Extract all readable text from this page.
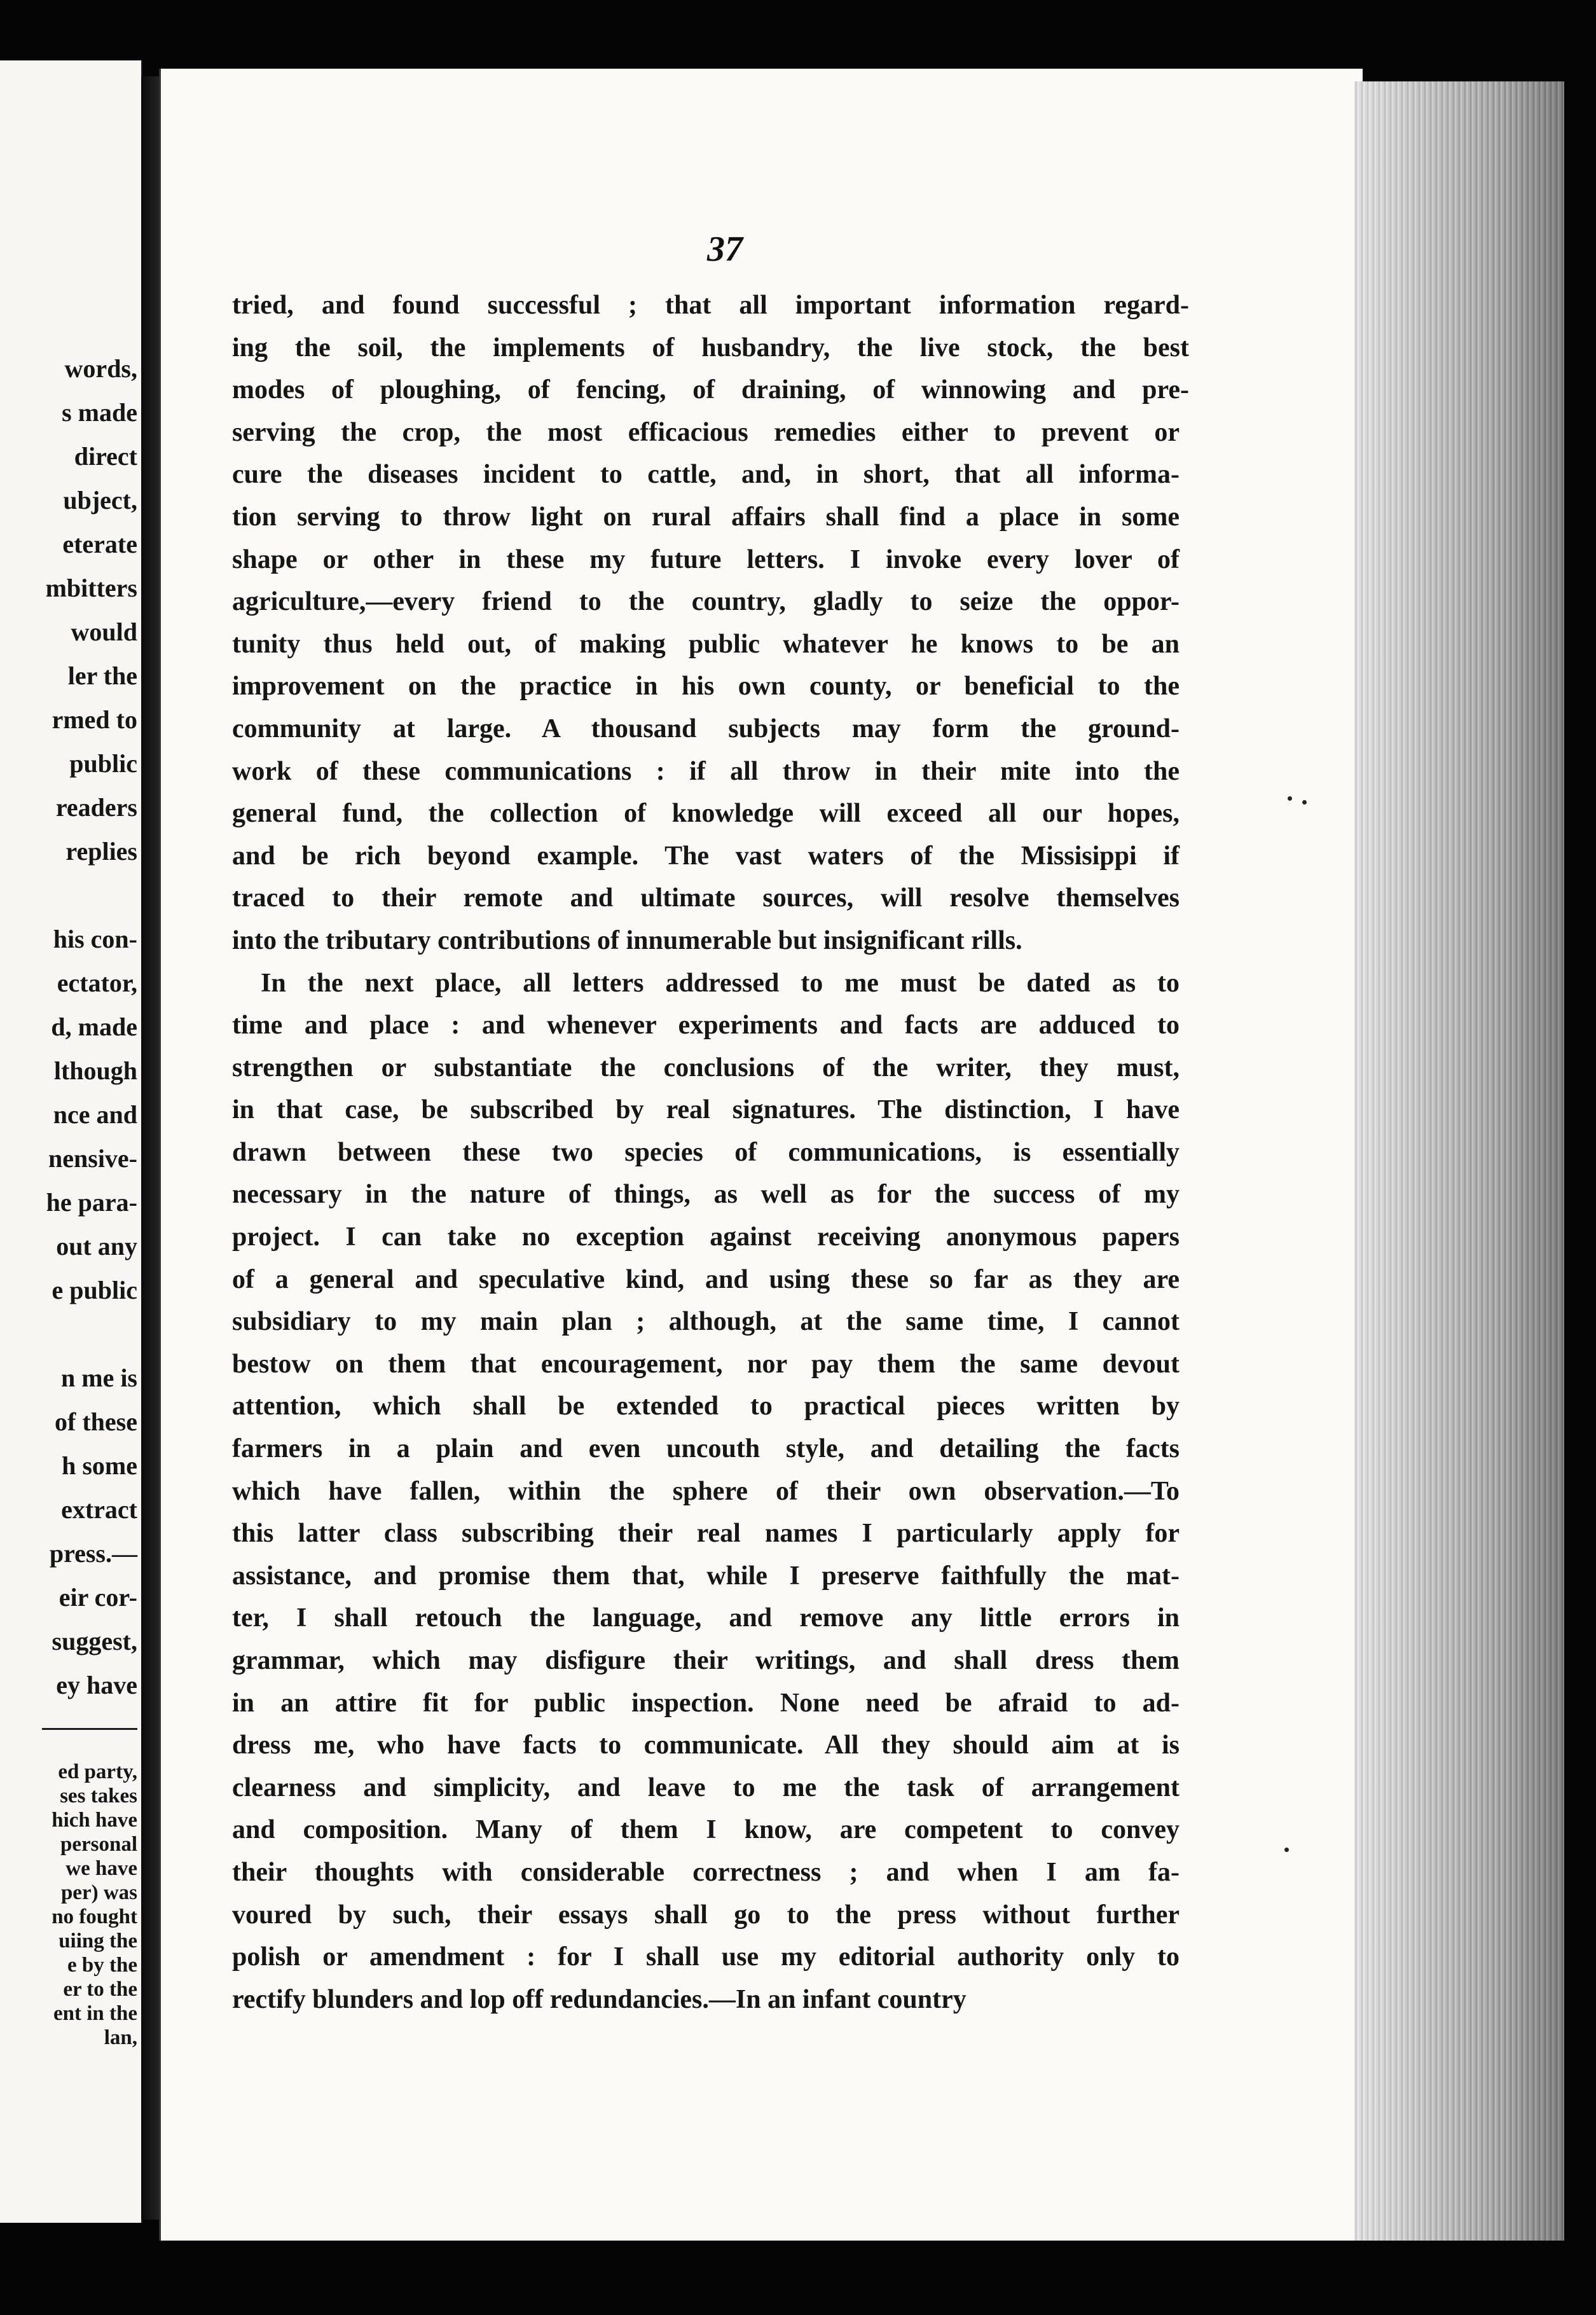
words,
s made
direct
ubject,
eterate
mbitters
would
ler the
rmed to
public
readers
replies
his con-
ectator,
d, made
lthough
nce and
nensive-
he para-
out any
e public
n me is
of these
h some
extract
press.—
eir cor-
suggest,
ey have
ed party,
ses takes
hich have
personal
we have
per) was
no fought
uiing the
e by the
er to the
ent in the
lan,
37
tried, and found successful ; that all important information regard-
ing the soil, the implements of husbandry, the live stock, the best
modes of ploughing, of fencing, of draining, of winnowing and pre-
serving the crop, the most efficacious remedies either to prevent or
cure the diseases incident to cattle, and, in short, that all informa-
tion serving to throw light on rural affairs shall find a place in some
shape or other in these my future letters. I invoke every lover of
agriculture,—every friend to the country, gladly to seize the oppor-
tunity thus held out, of making public whatever he knows to be an
improvement on the practice in his own county, or beneficial to the
community at large. A thousand subjects may form the ground-
work of these communications : if all throw in their mite into the
general fund, the collection of knowledge will exceed all our hopes,
and be rich beyond example. The vast waters of the Missisippi if
traced to their remote and ultimate sources, will resolve themselves
into the tributary contributions of innumerable but insignificant rills.
In the next place, all letters addressed to me must be dated as to
time and place : and whenever experiments and facts are adduced to
strengthen or substantiate the conclusions of the writer, they must,
in that case, be subscribed by real signatures. The distinction, I have
drawn between these two species of communications, is essentially
necessary in the nature of things, as well as for the success of my
project. I can take no exception against receiving anonymous papers
of a general and speculative kind, and using these so far as they are
subsidiary to my main plan ; although, at the same time, I cannot
bestow on them that encouragement, nor pay them the same devout
attention, which shall be extended to practical pieces written by
farmers in a plain and even uncouth style, and detailing the facts
which have fallen, within the sphere of their own observation.—To
this latter class subscribing their real names I particularly apply for
assistance, and promise them that, while I preserve faithfully the mat-
ter, I shall retouch the language, and remove any little errors in
grammar, which may disfigure their writings, and shall dress them
in an attire fit for public inspection. None need be afraid to ad-
dress me, who have facts to communicate. All they should aim at is
clearness and simplicity, and leave to me the task of arrangement
and composition. Many of them I know, are competent to convey
their thoughts with considerable correctness ; and when I am fa-
voured by such, their essays shall go to the press without further
polish or amendment : for I shall use my editorial authority only to
rectify blunders and lop off redundancies.—In an infant country
